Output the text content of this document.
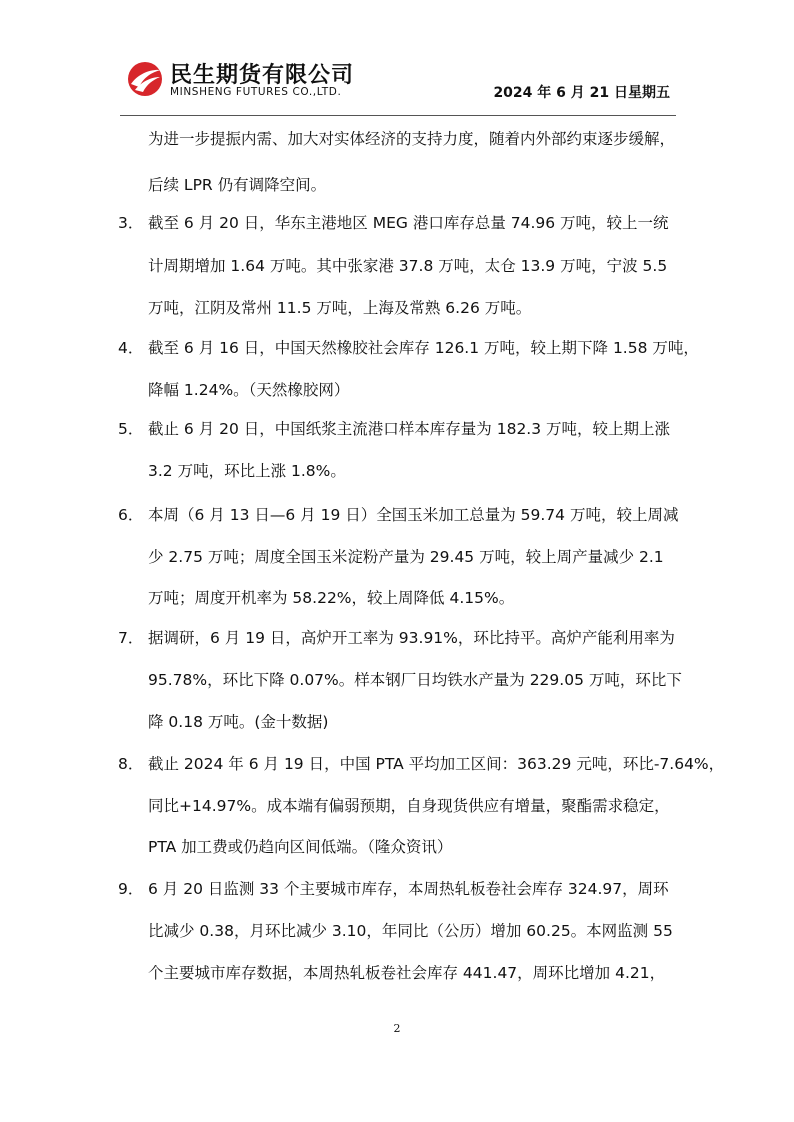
民生期货有限公司
MINSHENG FUTURES CO.,LTD.	2024 年 6 月 21 日星期五
为进一步提振内需、加大对实体经济的支持力度，随着内外部约束逐步缓解，
后续 LPR 仍有调降空间。
3． 截至 6 月 20 日，华东主港地区 MEG 港口库存总量 74.96 万吨，较上一统
计周期增加 1.64 万吨。其中张家港 37.8 万吨，太仓 13.9 万吨，宁波 5.5
万吨，江阴及常州 11.5 万吨，上海及常熟 6.26 万吨。
4． 截至 6 月 16 日，中国天然橡胶社会库存 126.1 万吨，较上期下降 1.58 万吨，
降幅 1.24%。（天然橡胶网）
5． 截止 6 月 20 日，中国纸浆主流港口样本库存量为 182.3 万吨，较上期上涨
3.2 万吨，环比上涨 1.8%。
6． 本周（6 月 13 日—6 月 19 日）全国玉米加工总量为 59.74 万吨，较上周减
少 2.75 万吨；周度全国玉米淀粉产量为 29.45 万吨，较上周产量减少 2.1
万吨；周度开机率为 58.22%，较上周降低 4.15%。
7． 据调研，6 月 19 日，高炉开工率为 93.91%，环比持平。高炉产能利用率为
95.78%，环比下降 0.07%。样本钢厂日均铁水产量为 229.05 万吨，环比下
降 0.18 万吨。(金十数据)
8． 截止 2024 年 6 月 19 日，中国 PTA 平均加工区间：363.29 元吨，环比-7.64%，
同比+14.97%。成本端有偏弱预期，自身现货供应有增量，聚酯需求稳定，
PTA 加工费或仍趋向区间低端。（隆众资讯）
9． 6 月 20 日监测 33 个主要城市库存，本周热轧板卷社会库存 324.97，周环
比减少 0.38，月环比减少 3.10，年同比（公历）增加 60.25。本网监测 55
个主要城市库存数据，本周热轧板卷社会库存 441.47，周环比增加 4.21，
2
